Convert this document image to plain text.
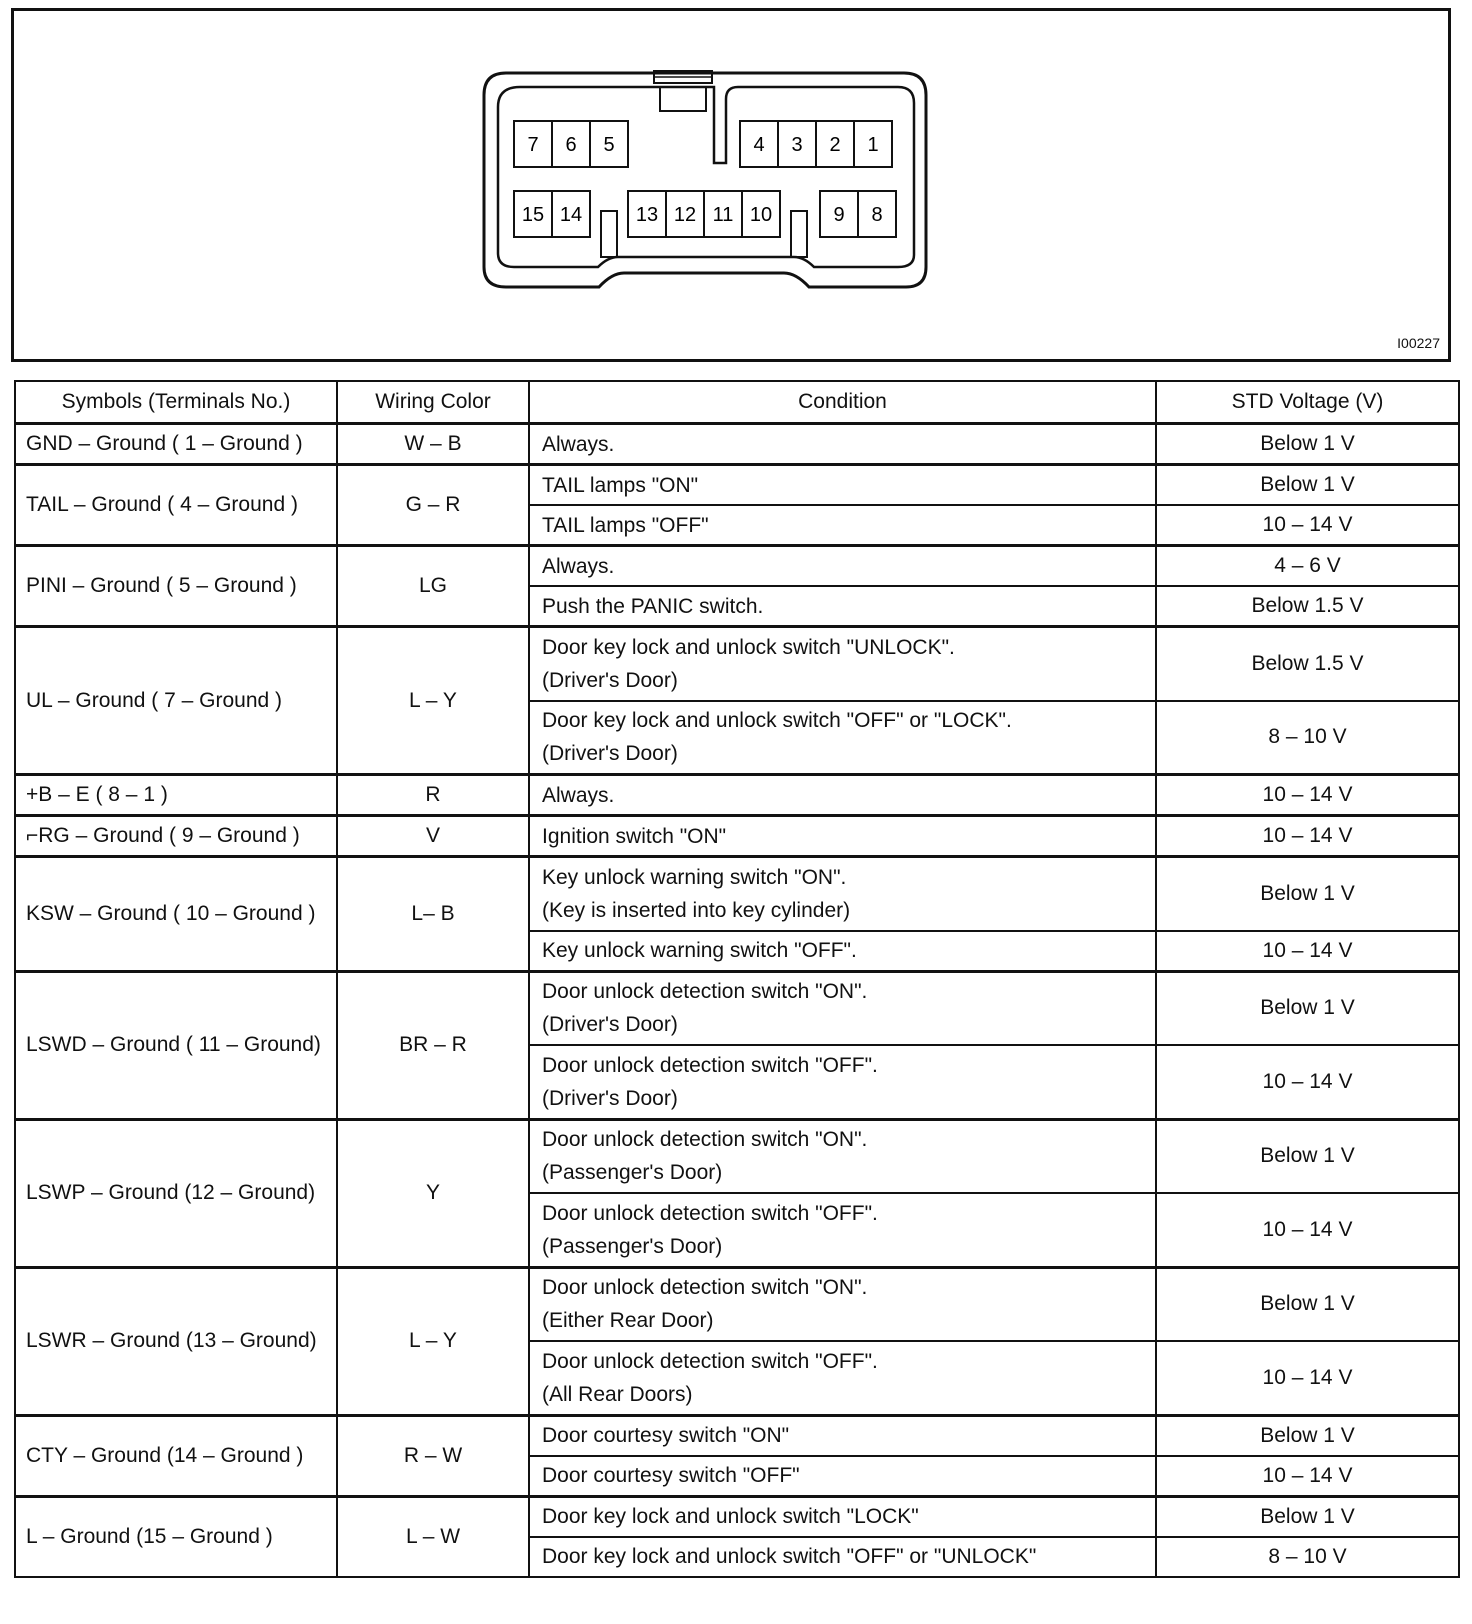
7 6 5	4 3 2 1
15 14	13 12 11 10	9 8
I00227
Symbols (Terminals No.)	Wiring Color	Condition	STD Voltage (V)
GND – Ground ( 1 – Ground )	W – B	Always.	Below 1 V
TAIL – Ground ( 4 – Ground )	G – R	TAIL lamps "ON"	Below 1 V

		TAIL lamps "OFF"	10 – 14 V
PINI – Ground ( 5 – Ground )	LG	Always.	4 – 6 V

		Push the PANIC switch.	Below 1.5 V
UL – Ground ( 7 – Ground )	L – Y	Door key lock and unlock switch "UNLOCK".
(Driver's Door)	Below 1.5 V

		Door key lock and unlock switch "OFF" or "LOCK".
(Driver's Door)	8 – 10 V
+B – E ( 8 – 1 )	R	Always.	10 – 14 V
⌐RG – Ground ( 9 – Ground )	V	Ignition switch "ON"	10 – 14 V
KSW – Ground ( 10 – Ground )	L– B	Key unlock warning switch "ON".
(Key is inserted into key cylinder)	Below 1 V

		Key unlock warning switch "OFF".	10 – 14 V
LSWD – Ground ( 11 – Ground)	BR – R	Door unlock detection switch "ON".
(Driver's Door)	Below 1 V

		Door unlock detection switch "OFF".
(Driver's Door)	10 – 14 V
LSWP – Ground (12 – Ground)	Y	Door unlock detection switch "ON".
(Passenger's Door)	Below 1 V

		Door unlock detection switch "OFF".
(Passenger's Door)	10 – 14 V
LSWR – Ground (13 – Ground)	L – Y	Door unlock detection switch "ON".
(Either Rear Door)	Below 1 V

		Door unlock detection switch "OFF".
(All Rear Doors)	10 – 14 V
CTY – Ground (14 – Ground )	R – W	Door courtesy switch "ON"	Below 1 V

		Door courtesy switch "OFF"	10 – 14 V
L – Ground (15 – Ground )	L – W	Door key lock and unlock switch "LOCK"	Below 1 V

		Door key lock and unlock switch "OFF" or "UNLOCK"	8 – 10 V
